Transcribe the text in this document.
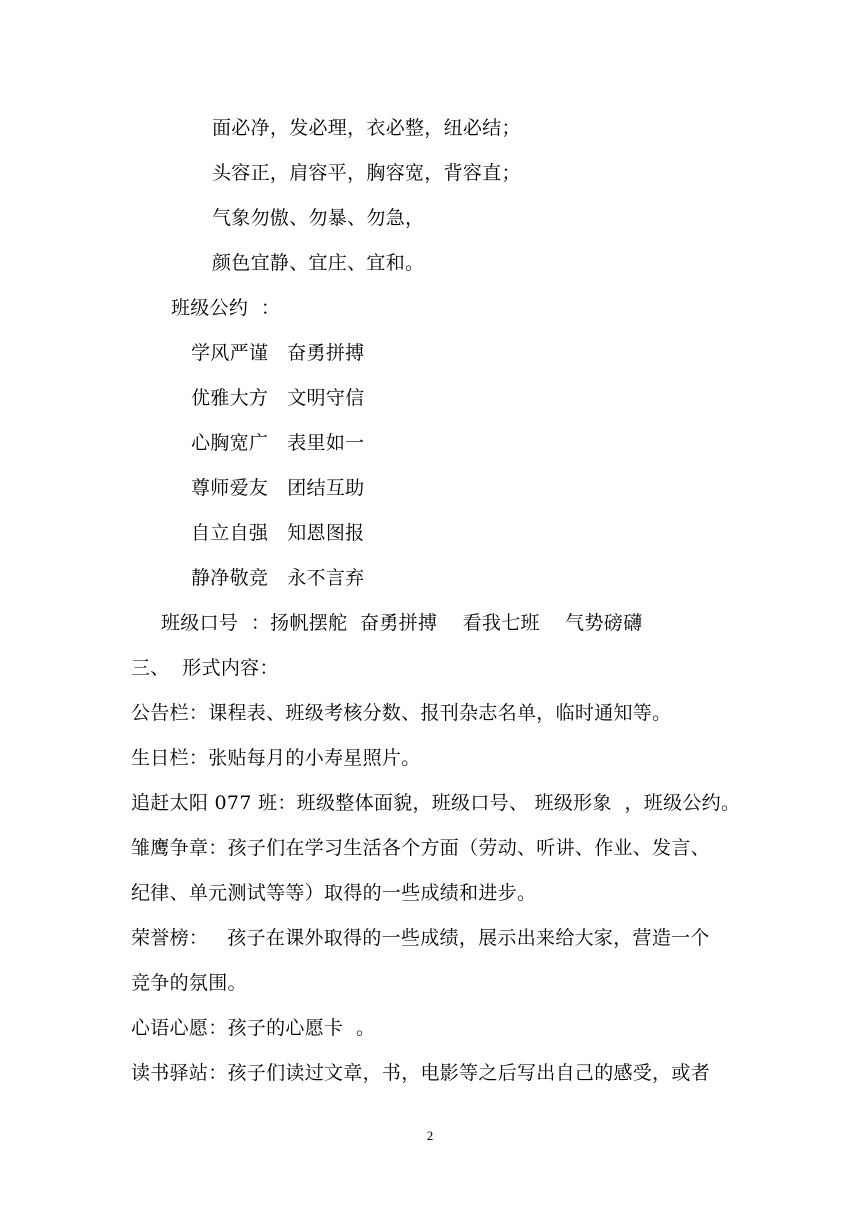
面必净，发必理，衣必整，纽必结；
头容正，肩容平，胸容宽，背容直；
气象勿傲、勿暴、勿急，
颜色宜静、宜庄、宜和。
班级公约  ：
学风严谨   奋勇拼搏
优雅大方   文明守信
心胸宽广   表里如一
尊师爱友   团结互助
自立自强   知恩图报
静净敬竞   永不言弃
班级口号  ：扬帆摆舵  奋勇拼搏    看我七班    气势磅礴
三、  形式内容：
公告栏：课程表、班级考核分数、报刊杂志名单，临时通知等。
生日栏：张贴每月的小寿星照片。
追赶太阳 077 班：班级整体面貌，班级口号、 班级形象  ，班级公约。
雏鹰争章：孩子们在学习生活各个方面（劳动、听讲、作业、发言、
纪律、单元测试等等）取得的一些成绩和进步。
荣誉榜：   孩子在课外取得的一些成绩，展示出来给大家，营造一个
竞争的氛围。
心语心愿：孩子的心愿卡  。
读书驿站：孩子们读过文章，书，电影等之后写出自己的感受，或者
2
